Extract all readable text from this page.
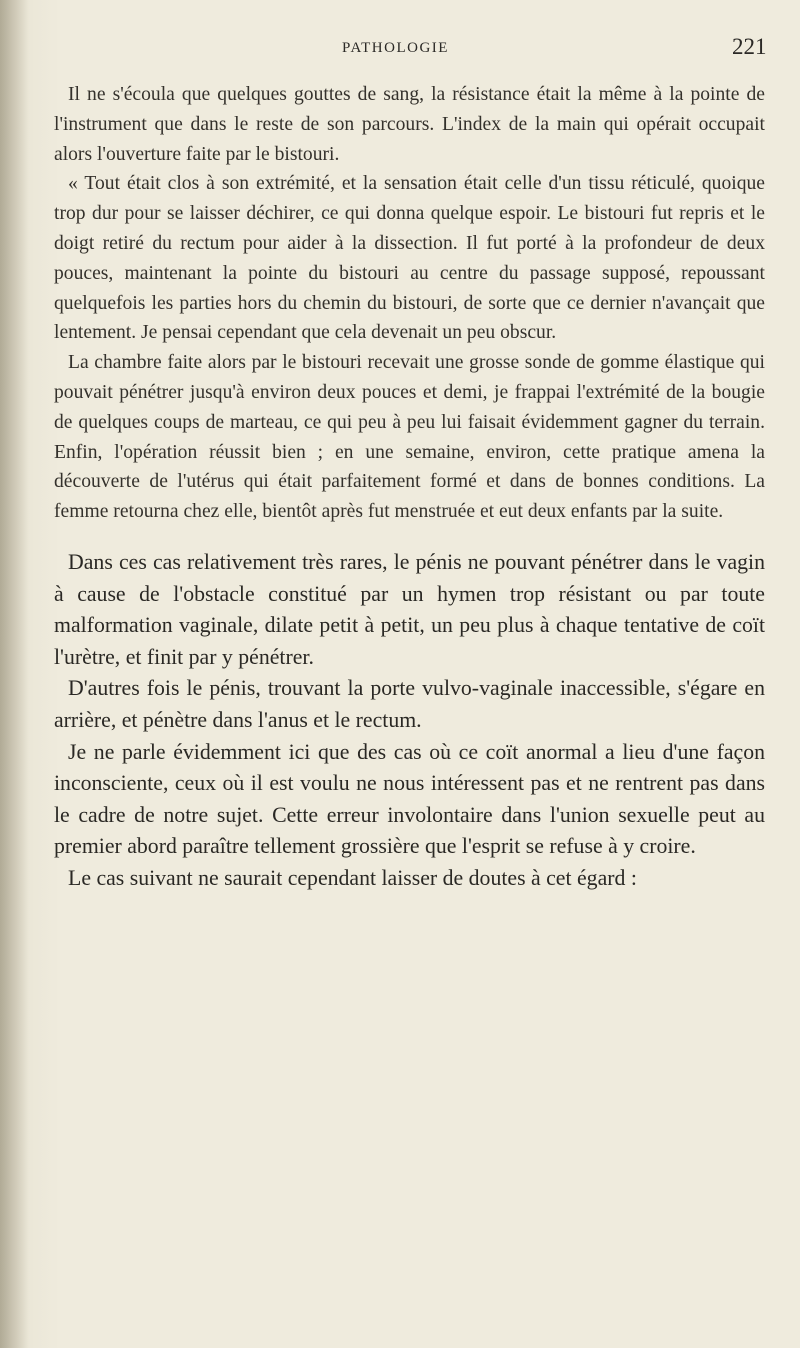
PATHOLOGIE	221

Il ne s'écoula que quelques gouttes de sang, la résistance était la même à la pointe de l'instrument que dans le reste de son parcours. L'index de la main qui opérait occupait alors l'ouverture faite par le bistouri.

« Tout était clos à son extrémité, et la sensation était celle d'un tissu réticulé, quoique trop dur pour se laisser déchirer, ce qui donna quelque espoir. Le bistouri fut repris et le doigt retiré du rectum pour aider à la dissection. Il fut porté à la profondeur de deux pouces, maintenant la pointe du bistouri au centre du passage supposé, repoussant quelquefois les parties hors du chemin du bistouri, de sorte que ce dernier n'avançait que lentement. Je pensai cependant que cela devenait un peu obscur.

La chambre faite alors par le bistouri recevait une grosse sonde de gomme élastique qui pouvait pénétrer jusqu'à environ deux pouces et demi, je frappai l'extrémité de la bougie de quelques coups de marteau, ce qui peu à peu lui faisait évidemment gagner du terrain. Enfin, l'opération réussit bien ; en une semaine, environ, cette pratique amena la découverte de l'utérus qui était parfaitement formé et dans de bonnes conditions. La femme retourna chez elle, bientôt après fut menstruée et eut deux enfants par la suite.

Dans ces cas relativement très rares, le pénis ne pouvant pénétrer dans le vagin à cause de l'obstacle constitué par un hymen trop résistant ou par toute malformation vaginale, dilate petit à petit, un peu plus à chaque tentative de coït l'urètre, et finit par y pénétrer.

D'autres fois le pénis, trouvant la porte vulvo-vaginale inaccessible, s'égare en arrière, et pénètre dans l'anus et le rectum.

Je ne parle évidemment ici que des cas où ce coït anormal a lieu d'une façon inconsciente, ceux où il est voulu ne nous intéressent pas et ne rentrent pas dans le cadre de notre sujet. Cette erreur involontaire dans l'union sexuelle peut au premier abord paraître tellement grossière que l'esprit se refuse à y croire.

Le cas suivant ne saurait cependant laisser de doutes à cet égard :
